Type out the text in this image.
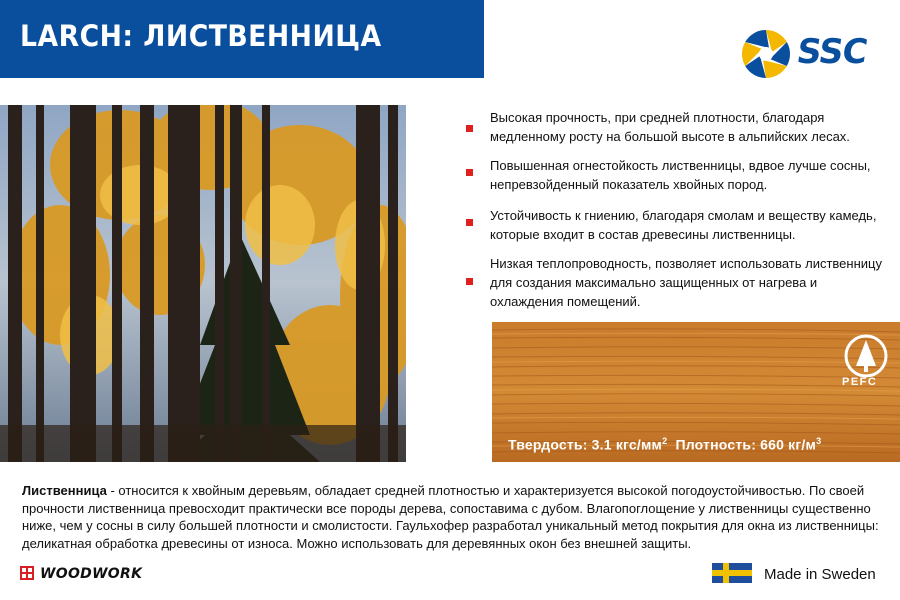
LARCH: ЛИСТВЕННИЦА	SSC
Высокая прочность, при средней плотности, благодаря медленному росту на большой высоте в альпийских лесах.
Повышенная огнестойкость лиственницы, вдвое лучше сосны, непревзойденный показатель хвойных пород.
Устойчивость к гниению, благодаря смолам и веществу камедь, которые входит в состав древесины лиственницы.
Низкая теплопроводность, позволяет использовать лиственницу для создания максимально защищенных от нагрева и охлаждения помещений.
PEFC
Твердость: 3.1 кгс/$мм^2$ Плотность: 660 $кг/м^3$
Лиственница - относится к хвойным деревьям, обладает средней плотностью и характеризуется высокой погодоустойчивостью. По своей прочности лиственница превосходит практически все породы дерева, сопоставима с дубом. Влагопоглощение у лиственницы существенно ниже, чем у сосны в силу большей плотности и смолистости. Гаульхофер разработал уникальный метод покрытия для окна из лиственницы: деликатная обработка древесины от износа. Можно использовать для деревянных окон без внешней защиты.
WOODWORK	Made in Sweden
